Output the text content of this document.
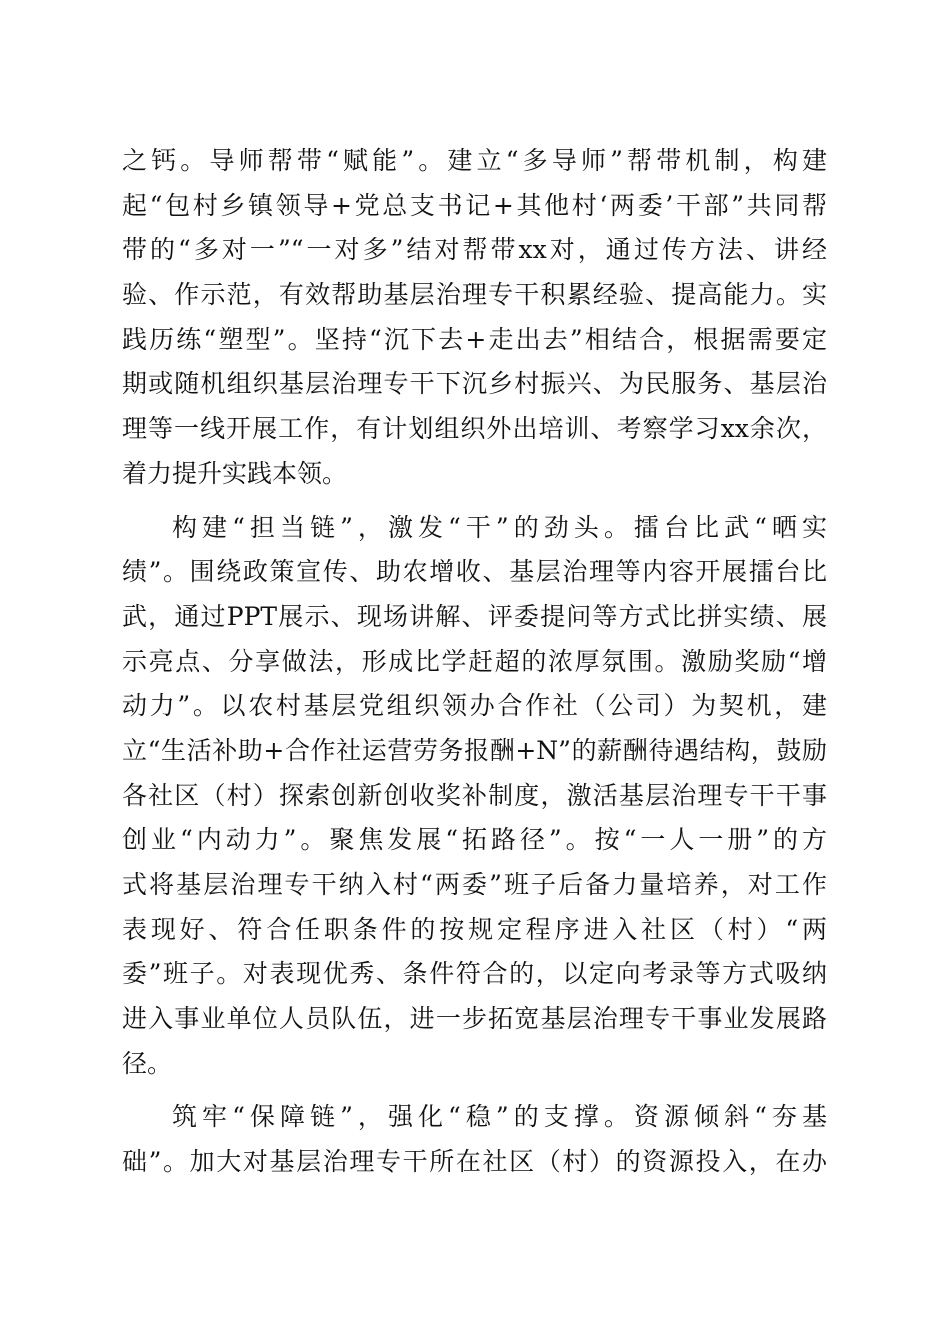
之钙。导师帮带“赋能”。建立“多导师”帮带机制，构建
起“包村乡镇领导+党总支书记+其他村‘两委’干部”共同帮
带的“多对一”“一对多”结对帮带xx对，通过传方法、讲经
验、作示范，有效帮助基层治理专干积累经验、提高能力。实
践历练“塑型”。坚持“沉下去+走出去”相结合，根据需要定
期或随机组织基层治理专干下沉乡村振兴、为民服务、基层治
理等一线开展工作，有计划组织外出培训、考察学习xx余次，
着力提升实践本领。
构建“担当链”，激发“干”的劲头。擂台比武“晒实
绩”。围绕政策宣传、助农增收、基层治理等内容开展擂台比
武，通过PPT展示、现场讲解、评委提问等方式比拼实绩、展
示亮点、分享做法，形成比学赶超的浓厚氛围。激励奖励“增
动力”。以农村基层党组织领办合作社（公司）为契机，建
立“生活补助+合作社运营劳务报酬+N”的薪酬待遇结构，鼓励
各社区（村）探索创新创收奖补制度，激活基层治理专干干事
创业“内动力”。聚焦发展“拓路径”。按“一人一册”的方
式将基层治理专干纳入村“两委”班子后备力量培养，对工作
表现好、符合任职条件的按规定程序进入社区（村）“两
委”班子。对表现优秀、条件符合的，以定向考录等方式吸纳
进入事业单位人员队伍，进一步拓宽基层治理专干事业发展路
径。
筑牢“保障链”，强化“稳”的支撑。资源倾斜“夯基
础”。加大对基层治理专干所在社区（村）的资源投入，在办
